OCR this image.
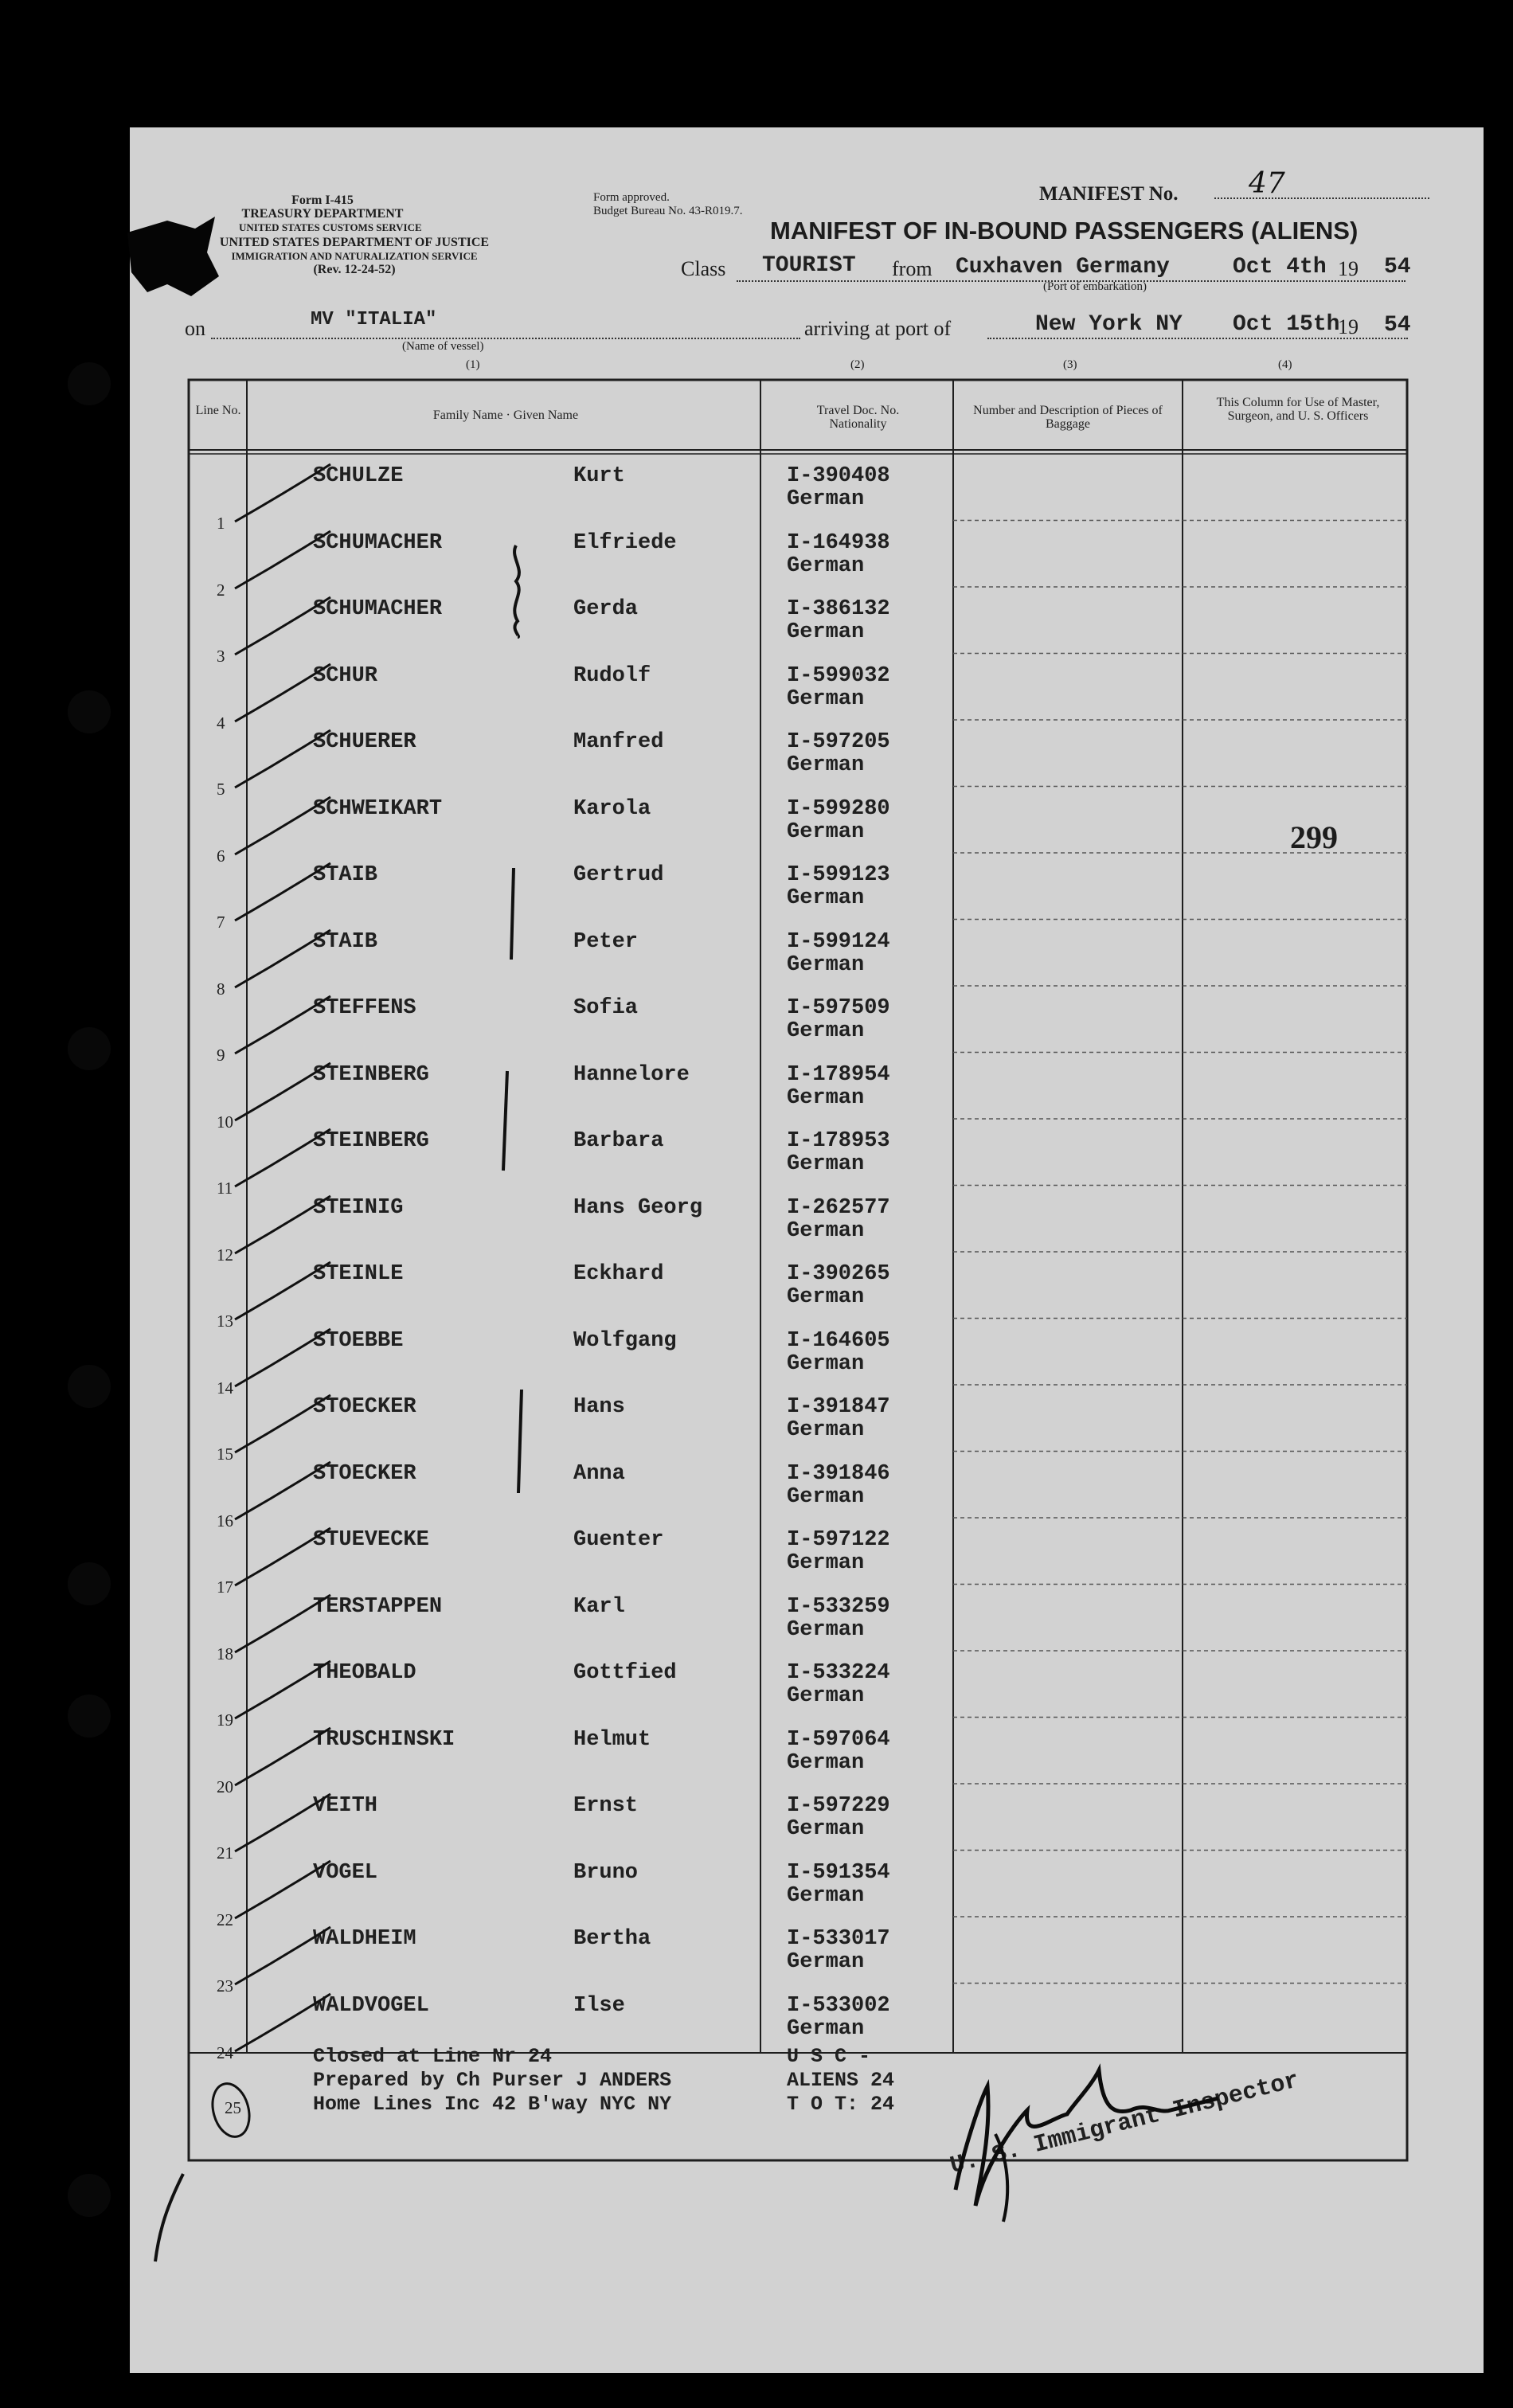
Form I-415
TREASURY DEPARTMENT
UNITED STATES CUSTOMS SERVICE
UNITED STATES DEPARTMENT OF JUSTICE
IMMIGRATION AND NATURALIZATION SERVICE
(Rev. 12-24-52)
Form approved.
Budget Bureau No. 43-R019.7.
MANIFEST No. 47
MANIFEST OF IN-BOUND PASSENGERS (ALIENS)
Class TOURIST from Cuxhaven Germany	Oct 4th 19 54
(Port of embarkation)
on	MV "ITALIA"
(Name of vessel)
arriving at port of	New York NY Oct 15th
19 54
(1)	(2)	(3)	(4)
Line No.	Family Name · Given Name	Travel Doc. No. Nationality
Number and Description of Pieces of Baggage
This Column for Use of Master, Surgeon, and U. S. Officers
1
SCHULZE	Kurt	I-390408
German
2
SCHUMACHER	Elfriede	I-164938
German
3
SCHUMACHER	Gerda	I-386132
German
4
SCHUR	Rudolf	I-599032
German
5
SCHUERER	Manfred	I-597205
German
6
SCHWEIKART	Karola	I-599280
German
7
STAIB	Gertrud	I-599123
German
8
STAIB	Peter	I-599124
German
9
STEFFENS	Sofia	I-597509
German
10
STEINBERG	Hannelore	I-178954
German
11
STEINBERG	Barbara	I-178953
German
12
STEINIG	Hans Georg	I-262577
German
13
STEINLE	Eckhard	I-390265
German
14
STOEBBE	Wolfgang	I-164605
German
15
STOECKER	Hans	I-391847
German
16
STOECKER	Anna	I-391846
German
17
STUEVECKE	Guenter	I-597122
German
18
TERSTAPPEN	Karl	I-533259
German
19
THEOBALD	Gottfied	I-533224
German
20
TRUSCHINSKI	Helmut	I-597064
German
21
VEITH	Ernst	I-597229
German
22
VOGEL	Bruno	I-591354
German
23
WALDHEIM	Bertha	I-533017
German
24
WALDVOGEL	Ilse	I-533002
German
25
Closed at Line Nr 24
Prepared by Ch Purser J ANDERS
Home Lines Inc 42 B'way NYC NY
U S C -
ALIENS 24
T O T: 24
299
U. S. Immigrant Inspector
